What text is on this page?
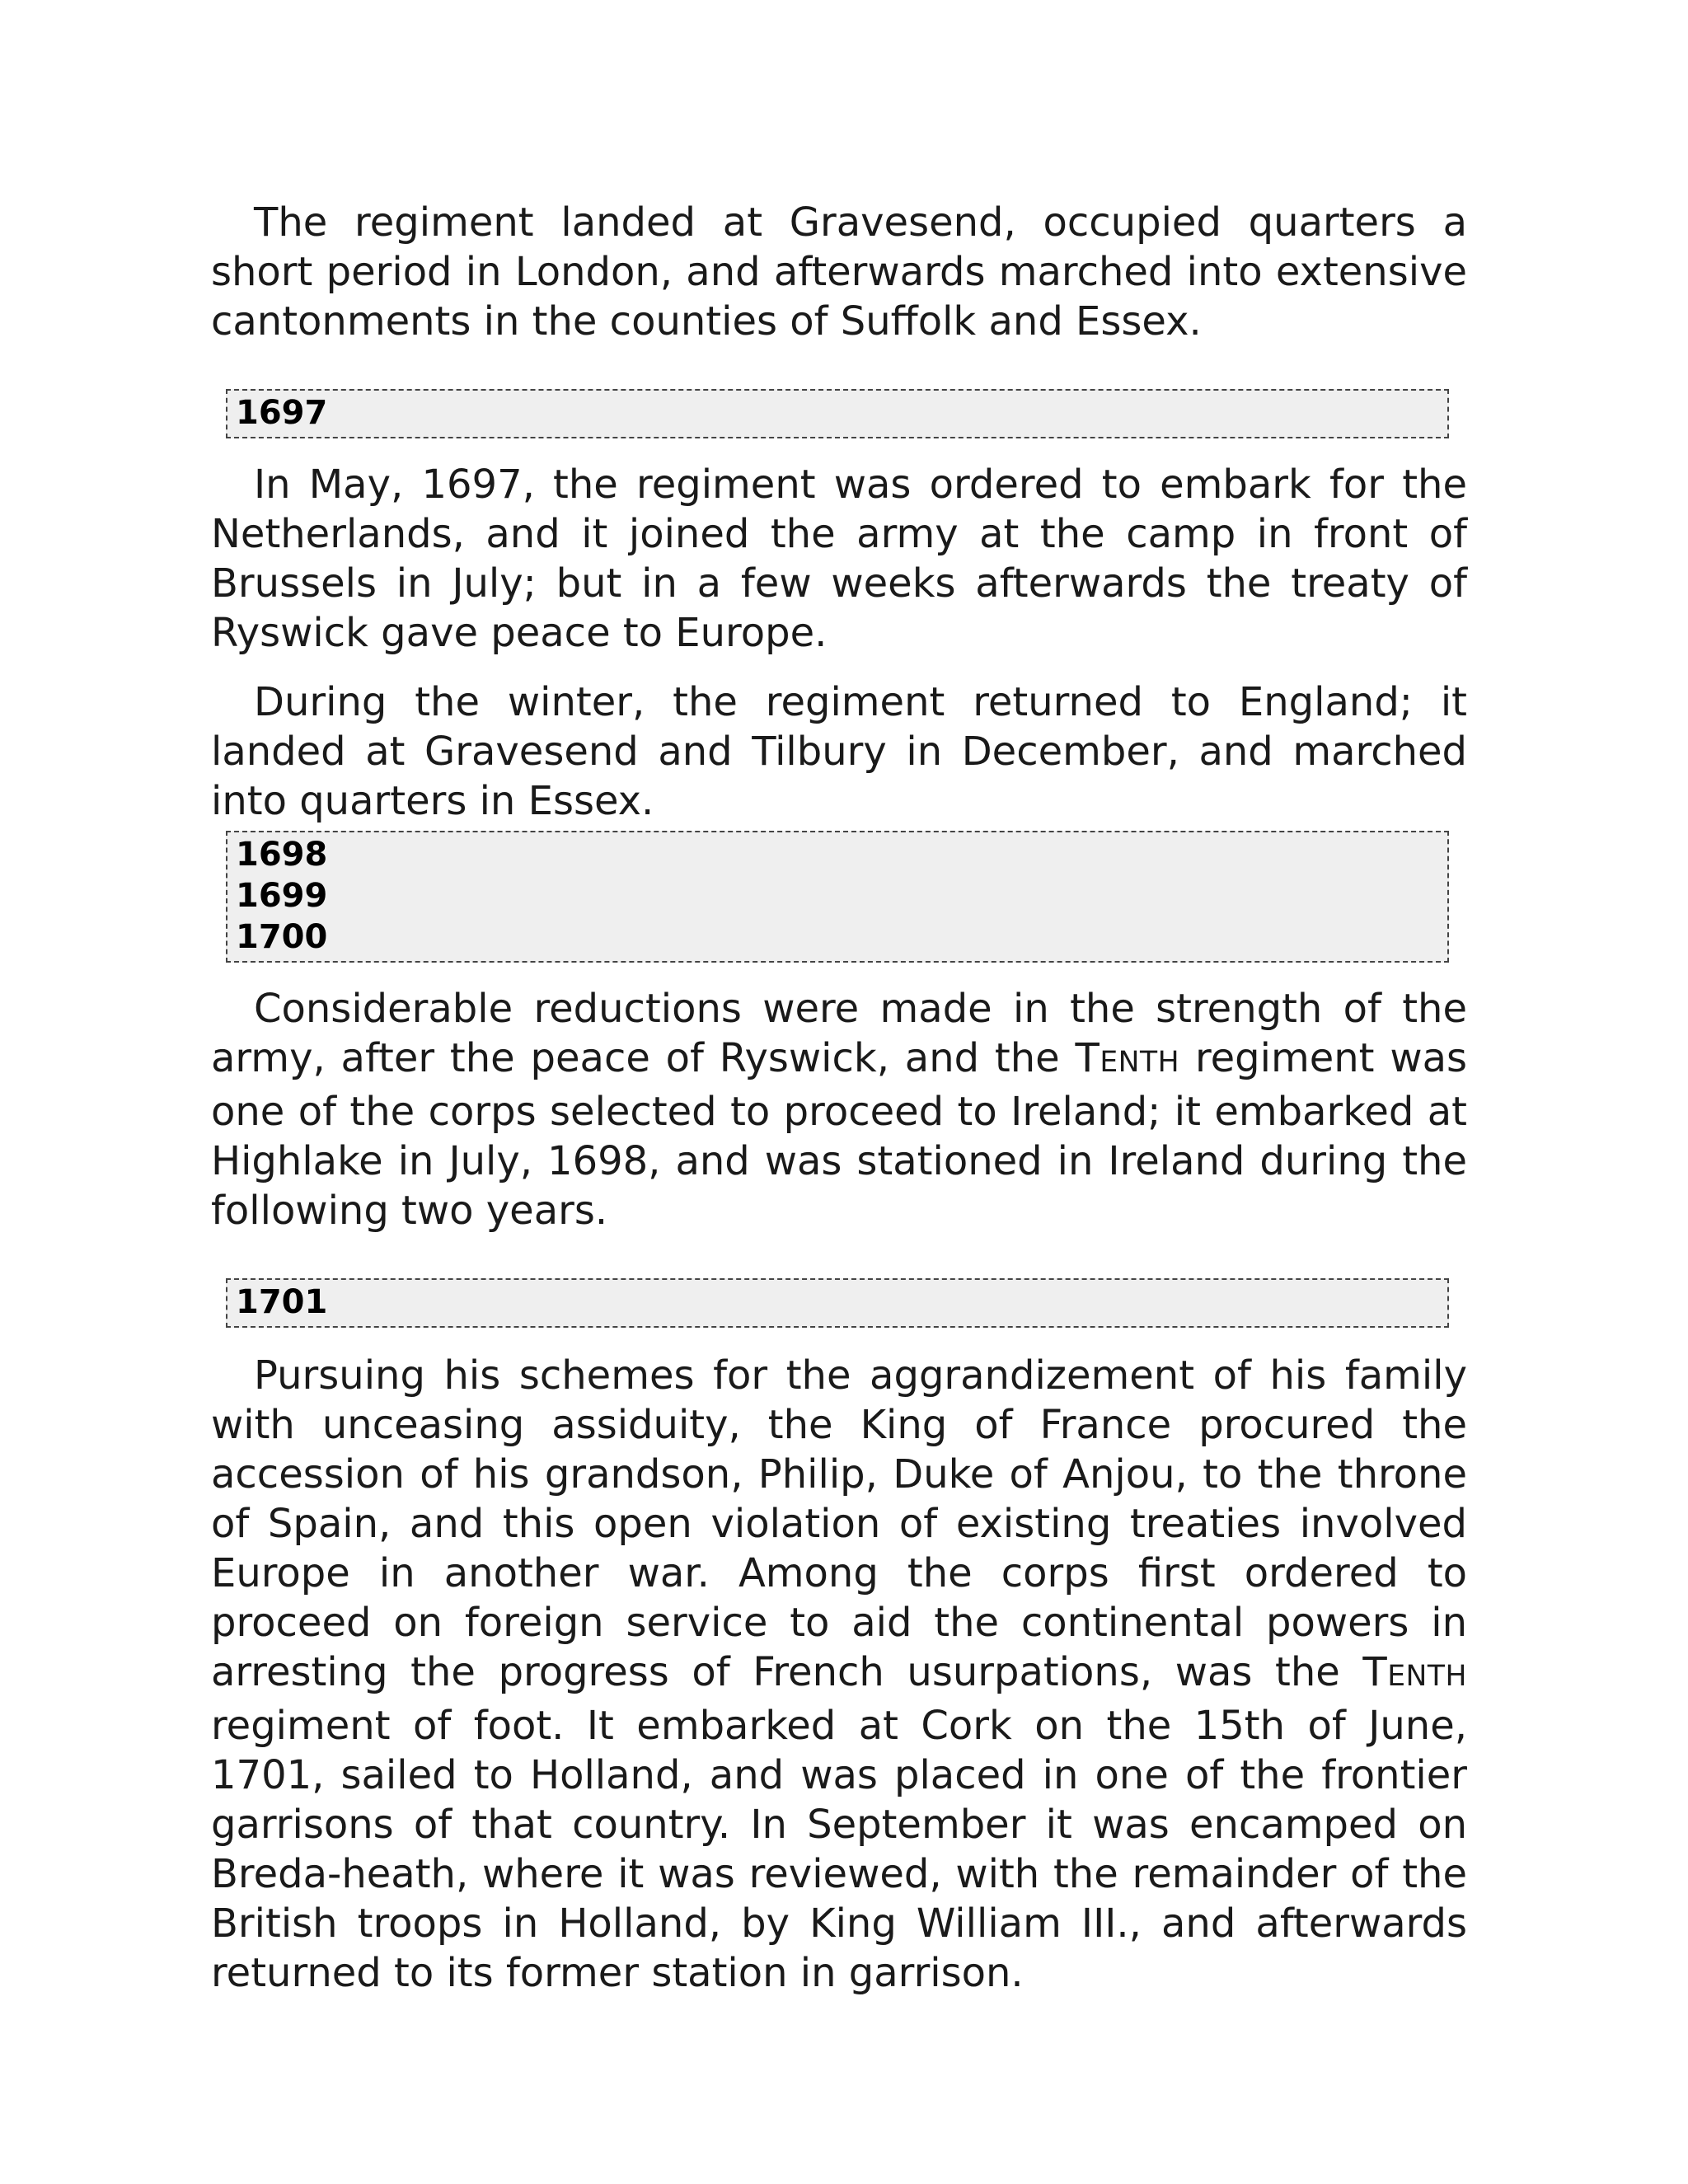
The regiment landed at Gravesend, occupied quarters a short period in London, and afterwards marched into extensive cantonments in the counties of Suffolk and Essex.

1697

In May, 1697, the regiment was ordered to embark for the Netherlands, and it joined the army at the camp in front of Brussels in July; but in a few weeks afterwards the treaty of Ryswick gave peace to Europe.

During the winter, the regiment returned to England; it landed at Gravesend and Tilbury in December, and marched into quarters in Essex.

1698
1699
1700

Considerable reductions were made in the strength of the army, after the peace of Ryswick, and the TENTH regiment was one of the corps selected to proceed to Ireland; it embarked at Highlake in July, 1698, and was stationed in Ireland during the following two years.

1701

Pursuing his schemes for the aggrandizement of his family with unceasing assiduity, the King of France procured the accession of his grandson, Philip, Duke of Anjou, to the throne of Spain, and this open violation of existing treaties involved Europe in another war. Among the corps first ordered to proceed on foreign service to aid the continental powers in arresting the progress of French usurpations, was the TENTH regiment of foot. It embarked at Cork on the 15th of June, 1701, sailed to Holland, and was placed in one of the frontier garrisons of that country. In September it was encamped on Breda-heath, where it was reviewed, with the remainder of the British troops in Holland, by King William III., and afterwards returned to its former station in garrison.
